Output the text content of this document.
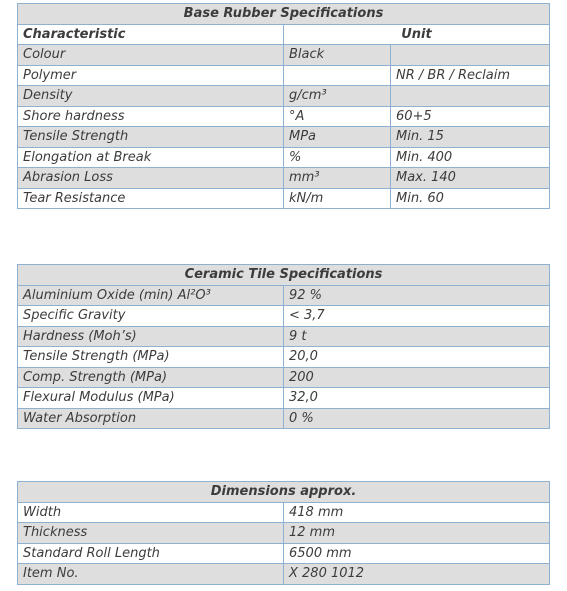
Base Rubber Specifications		
Characteristic	Unit	
Colour	Black	
Polymer		NR / BR / Reclaim
Density	g/cm³	
Shore hardness	°A	60+5
Tensile Strength	MPa	Min. 15
Elongation at Break	%	Min. 400
Abrasion Loss	mm³	Max. 140
Tear Resistance	kN/m	Min. 60
Ceramic Tile Specifications	
Aluminium Oxide (min) Al²O³	92 %
Specific Gravity	< 3,7
Hardness (Moh’s)	9 t
Tensile Strength (MPa)	20,0
Comp. Strength (MPa)	200
Flexural Modulus (MPa)	32,0
Water Absorption	0 %
Dimensions approx.	
Width	418 mm
Thickness	12 mm
Standard Roll Length	6500 mm
Item No.	X 280 1012
